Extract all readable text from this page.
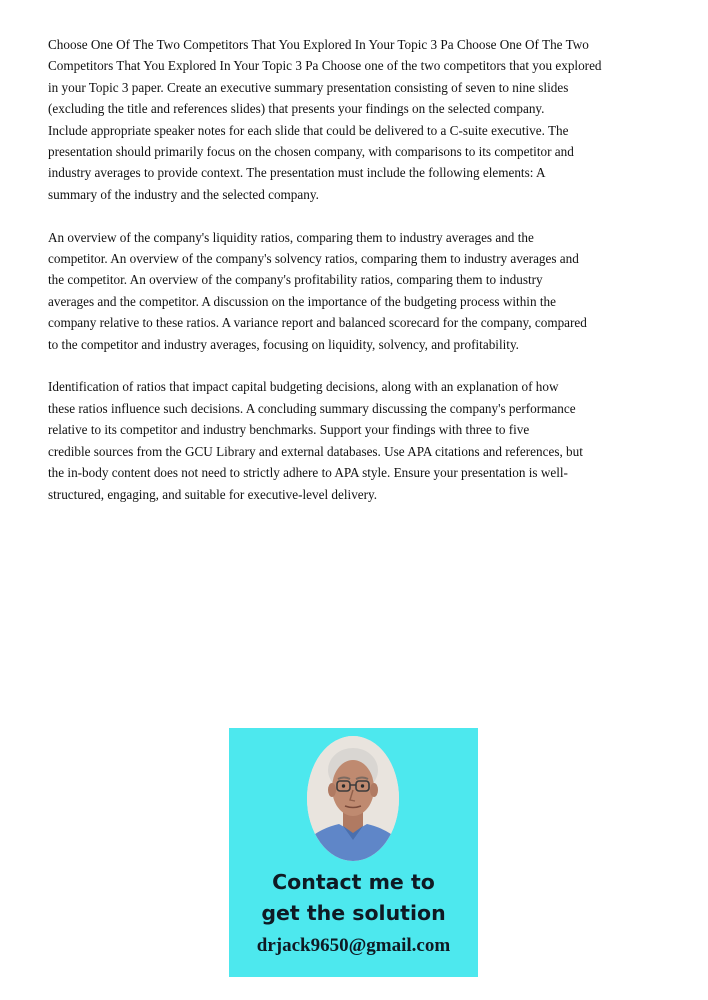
Choose One Of The Two Competitors That You Explored In Your Topic 3 Pa Choose One Of The Two
Competitors That You Explored In Your Topic 3 Pa Choose one of the two competitors that you explored
in your Topic 3 paper. Create an executive summary presentation consisting of seven to nine slides
(excluding the title and references slides) that presents your findings on the selected company.
Include appropriate speaker notes for each slide that could be delivered to a C-suite executive. The
presentation should primarily focus on the chosen company, with comparisons to its competitor and
industry averages to provide context. The presentation must include the following elements: A
summary of the industry and the selected company.

An overview of the company's liquidity ratios, comparing them to industry averages and the
competitor. An overview of the company's solvency ratios, comparing them to industry averages and
the competitor. An overview of the company's profitability ratios, comparing them to industry
averages and the competitor. A discussion on the importance of the budgeting process within the
company relative to these ratios. A variance report and balanced scorecard for the company, compared
to the competitor and industry averages, focusing on liquidity, solvency, and profitability.

Identification of ratios that impact capital budgeting decisions, along with an explanation of how
these ratios influence such decisions. A concluding summary discussing the company's performance
relative to its competitor and industry benchmarks. Support your findings with three to five
credible sources from the GCU Library and external databases. Use APA citations and references, but
the in-body content does not need to strictly adhere to APA style. Ensure your presentation is well-
structured, engaging, and suitable for executive-level delivery.

Contact me to
get the solution
drjack9650@gmail.com
